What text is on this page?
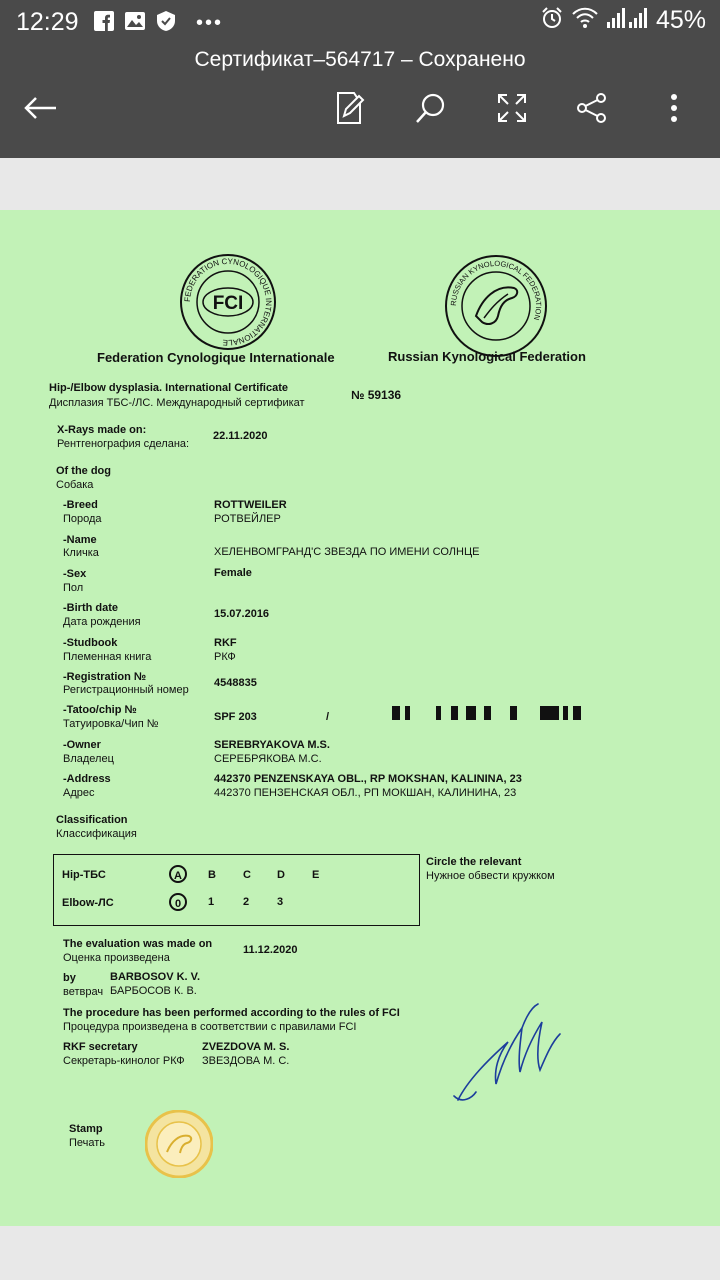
12:29	•••	45%
Сертификат–564717 – Сохранено
FEDERATION CYNOLOGIQUE INTERNATIONALE
FCI	RUSSIAN KYNOLOGICAL FEDERATION
Federation Cynologique Internationale	Russian Kynological Federation
Hip-/Elbow dysplasia. International Certificate
Дисплазия ТБС-/ЛС. Международный сертификат
№ 59136
X-Rays made on:
Рентгенография сделана:
22.11.2020
Of the dog
Собака
-Breed
Порода
ROTTWEILER
РОТВЕЙЛЕР
-Name
Кличка	ХЕЛЕНВОМГРАНД'С ЗВЕЗДА ПО ИМЕНИ СОЛНЦЕ
-Sex
Пол
Female
-Birth date
Дата рождения
15.07.2016
-Studbook
Племенная книга
RKF
РКФ
-Registration №
Регистрационный номер
4548835
-Tatoo/chip №
Татуировка/Чип №
SPF 203	/
-Owner
Владелец
SEREBRYAKOVA M.S.
СЕРЕБРЯКОВА М.С.
-Address
Адрес
442370 PENZENSKAYA OBL., RP MOKSHAN, KALININA, 23
442370 ПЕНЗЕНСКАЯ ОБЛ., РП МОКШАН, КАЛИНИНА, 23
Classification
Классификация
Hip-ТБС	A	B C D E
Elbow-ЛС	0	1	2	3
Circle the relevant
Нужное обвести кружком
The evaluation was made on
Оценка произведена
11.12.2020
by
ветврач
BARBOSOV K. V.
БАРБОСОВ К. В.
The procedure has been performed according to the rules of FCI
Процедура произведена в соответствии с правилами FCI
RKF secretary
Секретарь-кинолог РКФ
ZVEZDOVA M. S.
ЗВЕЗДОВА М. С.
Stamp
Печать
